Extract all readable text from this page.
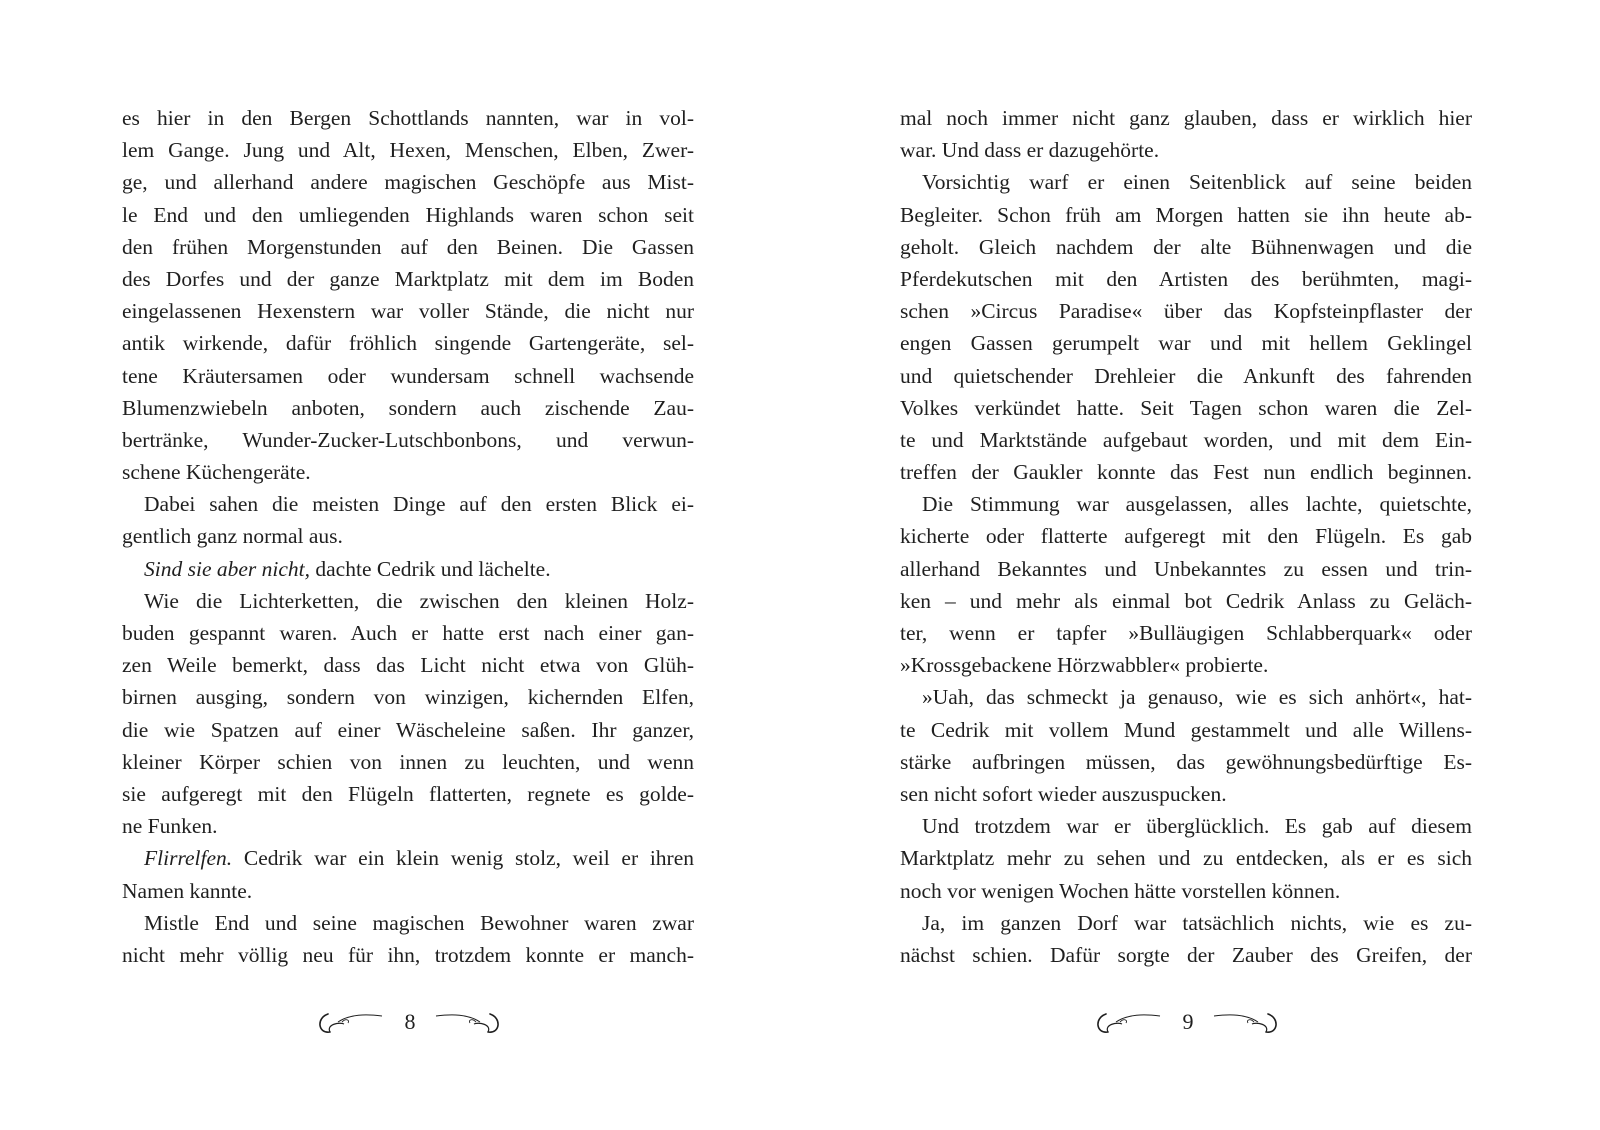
es hier in den Bergen Schottlands nannten, war in vol-
lem Gange. Jung und Alt, Hexen, Menschen, Elben, Zwer-
ge, und allerhand andere magischen Geschöpfe aus Mist-
le End und den umliegenden Highlands waren schon seit
den frühen Morgenstunden auf den Beinen. Die Gassen
des Dorfes und der ganze Marktplatz mit dem im Boden
eingelassenen Hexenstern war voller Stände, die nicht nur
antik wirkende, dafür fröhlich singende Gartengeräte, sel-
tene Kräutersamen oder wundersam schnell wachsende
Blumenzwiebeln anboten, sondern auch zischende Zau-
bertränke, Wunder-Zucker-Lutschbonbons, und verwun-
schene Küchengeräte.
Dabei sahen die meisten Dinge auf den ersten Blick ei-
gentlich ganz normal aus.
Sind sie aber nicht, dachte Cedrik und lächelte.
Wie die Lichterketten, die zwischen den kleinen Holz-
buden gespannt waren. Auch er hatte erst nach einer gan-
zen Weile bemerkt, dass das Licht nicht etwa von Glüh-
birnen ausging, sondern von winzigen, kichernden Elfen,
die wie Spatzen auf einer Wäscheleine saßen. Ihr ganzer,
kleiner Körper schien von innen zu leuchten, und wenn
sie aufgeregt mit den Flügeln flatterten, regnete es golde-
ne Funken.
Flirrelfen. Cedrik war ein klein wenig stolz, weil er ihren
Namen kannte.
Mistle End und seine magischen Bewohner waren zwar
nicht mehr völlig neu für ihn, trotzdem konnte er manch-
mal noch immer nicht ganz glauben, dass er wirklich hier
war. Und dass er dazugehörte.
Vorsichtig warf er einen Seitenblick auf seine beiden
Begleiter. Schon früh am Morgen hatten sie ihn heute ab-
geholt. Gleich nachdem der alte Bühnenwagen und die
Pferdekutschen mit den Artisten des berühmten, magi-
schen »Circus Paradise« über das Kopfsteinpflaster der
engen Gassen gerumpelt war und mit hellem Geklingel
und quietschender Drehleier die Ankunft des fahrenden
Volkes verkündet hatte. Seit Tagen schon waren die Zel-
te und Marktstände aufgebaut worden, und mit dem Ein-
treffen der Gaukler konnte das Fest nun endlich beginnen.
Die Stimmung war ausgelassen, alles lachte, quietschte,
kicherte oder flatterte aufgeregt mit den Flügeln. Es gab
allerhand Bekanntes und Unbekanntes zu essen und trin-
ken – und mehr als einmal bot Cedrik Anlass zu Geläch-
ter, wenn er tapfer »Bulläugigen Schlabberquark« oder
»Krossgebackene Hörzwabbler« probierte.
»Uah, das schmeckt ja genauso, wie es sich anhört«, hat-
te Cedrik mit vollem Mund gestammelt und alle Willens-
stärke aufbringen müssen, das gewöhnungsbedürftige Es-
sen nicht sofort wieder auszuspucken.
Und trotzdem war er überglücklich. Es gab auf diesem
Marktplatz mehr zu sehen und zu entdecken, als er es sich
noch vor wenigen Wochen hätte vorstellen können.
Ja, im ganzen Dorf war tatsächlich nichts, wie es zu-
nächst schien. Dafür sorgte der Zauber des Greifen, der
8	9
